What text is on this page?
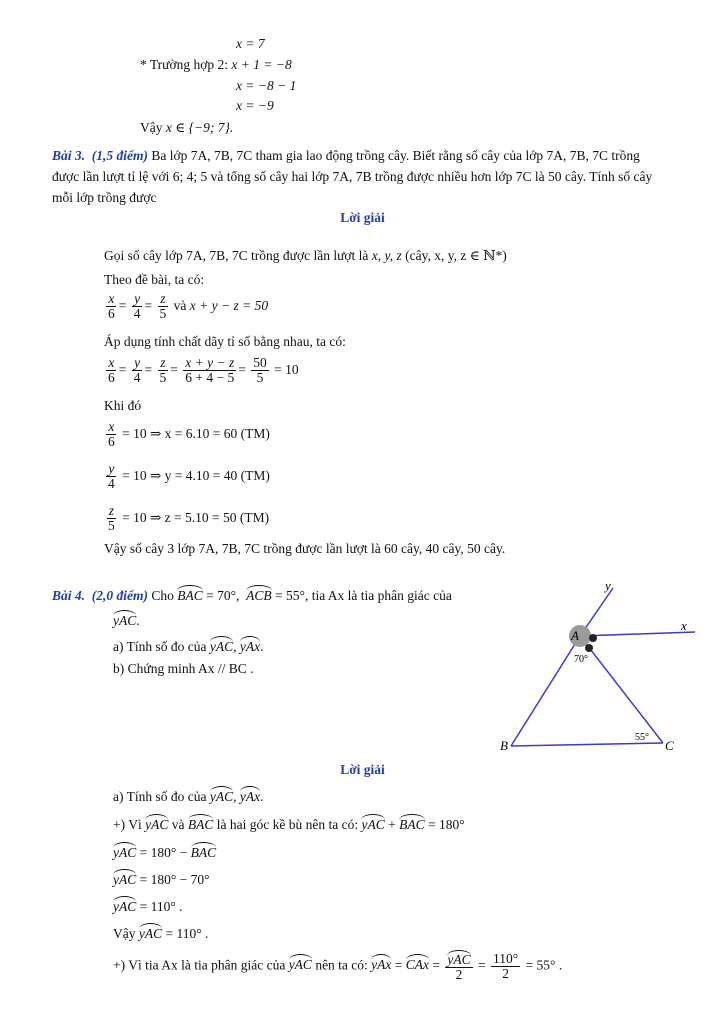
x = 7
* Trường hợp 2: x + 1 = −8
x = −8 − 1
x = −9
Vậy x ∈ {−9; 7}.
Bài 3. (1,5 điểm) Ba lớp 7A, 7B, 7C tham gia lao động trồng cây. Biết rằng số cây của lớp 7A, 7B, 7C trồng
được lần lượt tỉ lệ với 6; 4; 5 và tổng số cây hai lớp 7A, 7B trồng được nhiều hơn lớp 7C là 50 cây. Tính số cây
mỗi lớp trồng được
Lời giải
Gọi số cây lớp 7A, 7B, 7C trồng được lần lượt là x, y, z (cây, x, y, z ∈ ℕ*)
Theo đề bài, ta có:
$\frac{x}{6} = \frac{y}{4} = \frac{z}{5}$ và x + y − z = 50
Áp dụng tính chất dãy tỉ số bằng nhau, ta có:
$\frac{x}{6} = \frac{y}{4} = \frac{z}{5} = \frac{x + y - z}{6 + 4 - 5} = \frac{50}{5} = 10$
Khi đó
$\frac{x}{6} = 10$ ⇒ x = 6.10 = 60 (TM)
$\frac{y}{4} = 10$ ⇒ y = 4.10 = 40 (TM)
$\frac{z}{5} = 10$ ⇒ z = 5.10 = 50 (TM)
Vậy số cây 3 lớp 7A, 7B, 7C trồng được lần lượt là 60 cây, 40 cây, 50 cây.
Bài 4. (2,0 điểm) Cho BAC = 70°,  ACB = 55°, tia Ax là tia phân giác của
yAC.
a) Tính số đo của yAC, yAx.
b) Chứng minh Ax // BC .
A
B	C
x
y
70°
55°
Lời giải
a) Tính số đo của yAC, yAx.
+) Vì yAC và BAC là hai góc kề bù nên ta có: yAC + BAC = 180°
yAC = 180° − BAC
yAC = 180° − 70°
yAC = 110° .
Vậy yAC = 110° .
+) Vì tia Ax là tia phân giác của yAC nên ta có: yAx = CAx = $\frac{\text{yAC}}{2} = \frac{110^\circ}{2} = 55^\circ$ .
